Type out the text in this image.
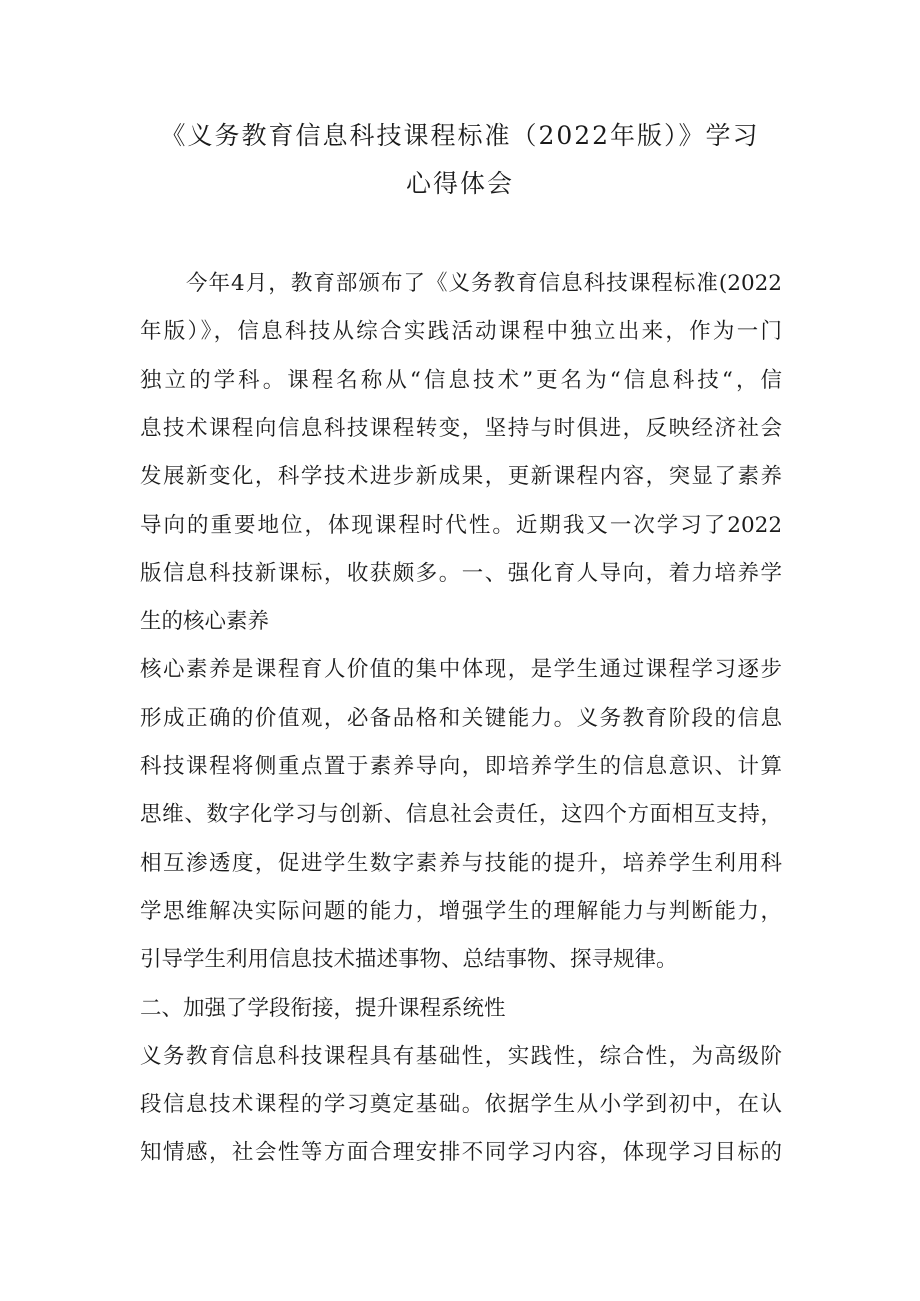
《义务教育信息科技课程标准（2022年版）》学习
心得体会
今年4月，教育部颁布了《义务教育信息科技课程标准(2022
年版）》，信息科技从综合实践活动课程中独立出来，作为一门
独立的学科。课程名称从“信息技术”更名为“信息科技“，信
息技术课程向信息科技课程转变，坚持与时俱进，反映经济社会
发展新变化，科学技术进步新成果，更新课程内容，突显了素养
导向的重要地位，体现课程时代性。近期我又一次学习了2022
版信息科技新课标，收获颇多。一、强化育人导向，着力培养学
生的核心素养
核心素养是课程育人价值的集中体现，是学生通过课程学习逐步
形成正确的价值观，必备品格和关键能力。义务教育阶段的信息
科技课程将侧重点置于素养导向，即培养学生的信息意识、计算
思维、数字化学习与创新、信息社会责任，这四个方面相互支持，
相互渗透度，促进学生数字素养与技能的提升，培养学生利用科
学思维解决实际问题的能力，增强学生的理解能力与判断能力，
引导学生利用信息技术描述事物、总结事物、探寻规律。
二、加强了学段衔接，提升课程系统性
义务教育信息科技课程具有基础性，实践性，综合性，为高级阶
段信息技术课程的学习奠定基础。依据学生从小学到初中，在认
知情感，社会性等方面合理安排不同学习内容，体现学习目标的
